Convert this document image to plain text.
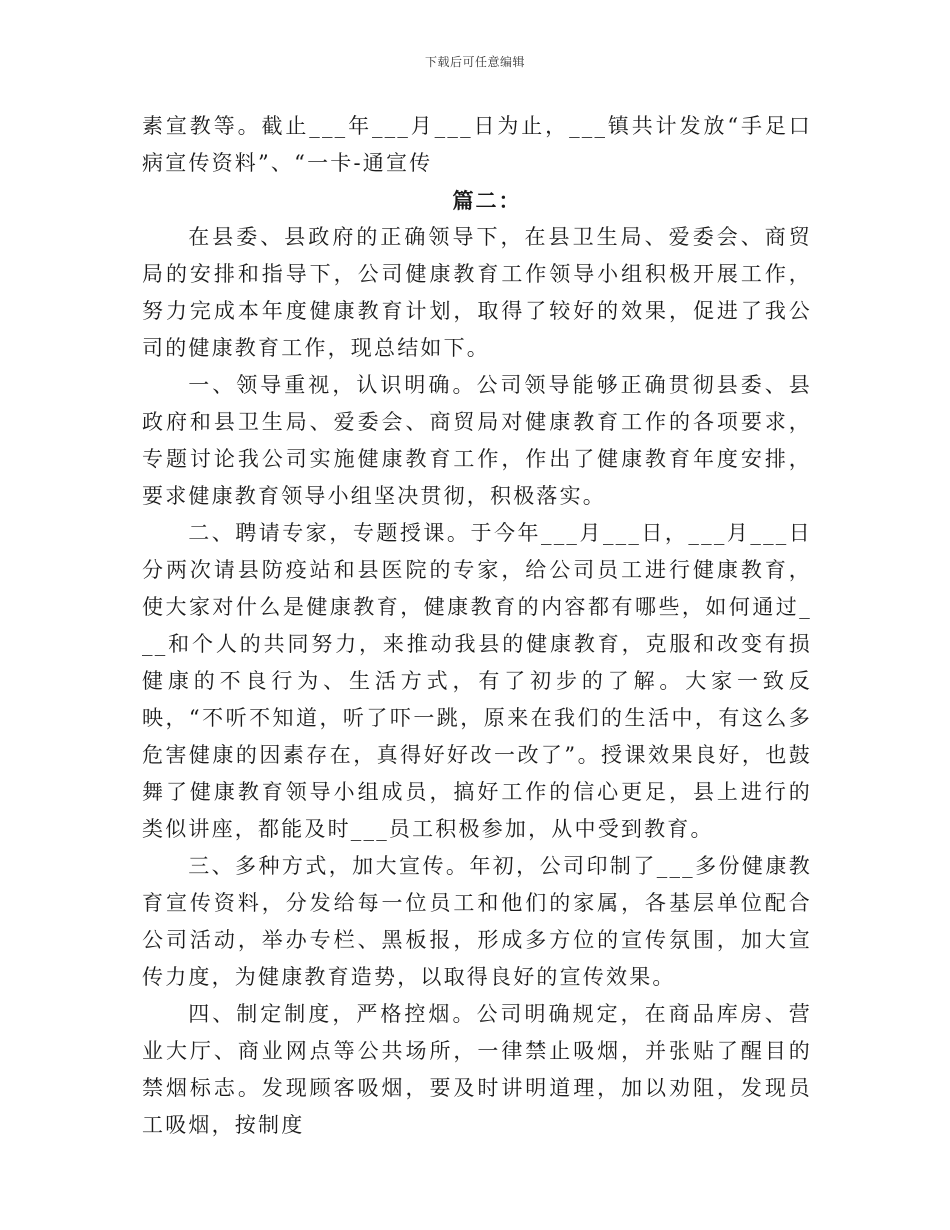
下载后可任意编辑

素宣教等。截止___年___月___日为止，___镇共计发放“手足口病宣传资料”、“一卡-通宣传

篇二：

在县委、县政府的正确领导下，在县卫生局、爱委会、商贸局的安排和指导下，公司健康教育工作领导小组积极开展工作，努力完成本年度健康教育计划，取得了较好的效果，促进了我公司的健康教育工作，现总结如下。

一、领导重视，认识明确。公司领导能够正确贯彻县委、县政府和县卫生局、爱委会、商贸局对健康教育工作的各项要求，专题讨论我公司实施健康教育工作，作出了健康教育年度安排，要求健康教育领导小组坚决贯彻，积极落实。

二、聘请专家，专题授课。于今年___月___日，___月___日分两次请县防疫站和县医院的专家，给公司员工进行健康教育，使大家对什么是健康教育，健康教育的内容都有哪些，如何通过___和个人的共同努力，来推动我县的健康教育，克服和改变有损健康的不良行为、生活方式，有了初步的了解。大家一致反映，“不听不知道，听了吓一跳，原来在我们的生活中，有这么多危害健康的因素存在，真得好好改一改了”。授课效果良好，也鼓舞了健康教育领导小组成员，搞好工作的信心更足，县上进行的类似讲座，都能及时___员工积极参加，从中受到教育。

三、多种方式，加大宣传。年初，公司印制了___多份健康教育宣传资料，分发给每一位员工和他们的家属，各基层单位配合公司活动，举办专栏、黑板报，形成多方位的宣传氛围，加大宣传力度，为健康教育造势，以取得良好的宣传效果。

四、制定制度，严格控烟。公司明确规定，在商品库房、营业大厅、商业网点等公共场所，一律禁止吸烟，并张贴了醒目的禁烟标志。发现顾客吸烟，要及时讲明道理，加以劝阻，发现员工吸烟，按制度
